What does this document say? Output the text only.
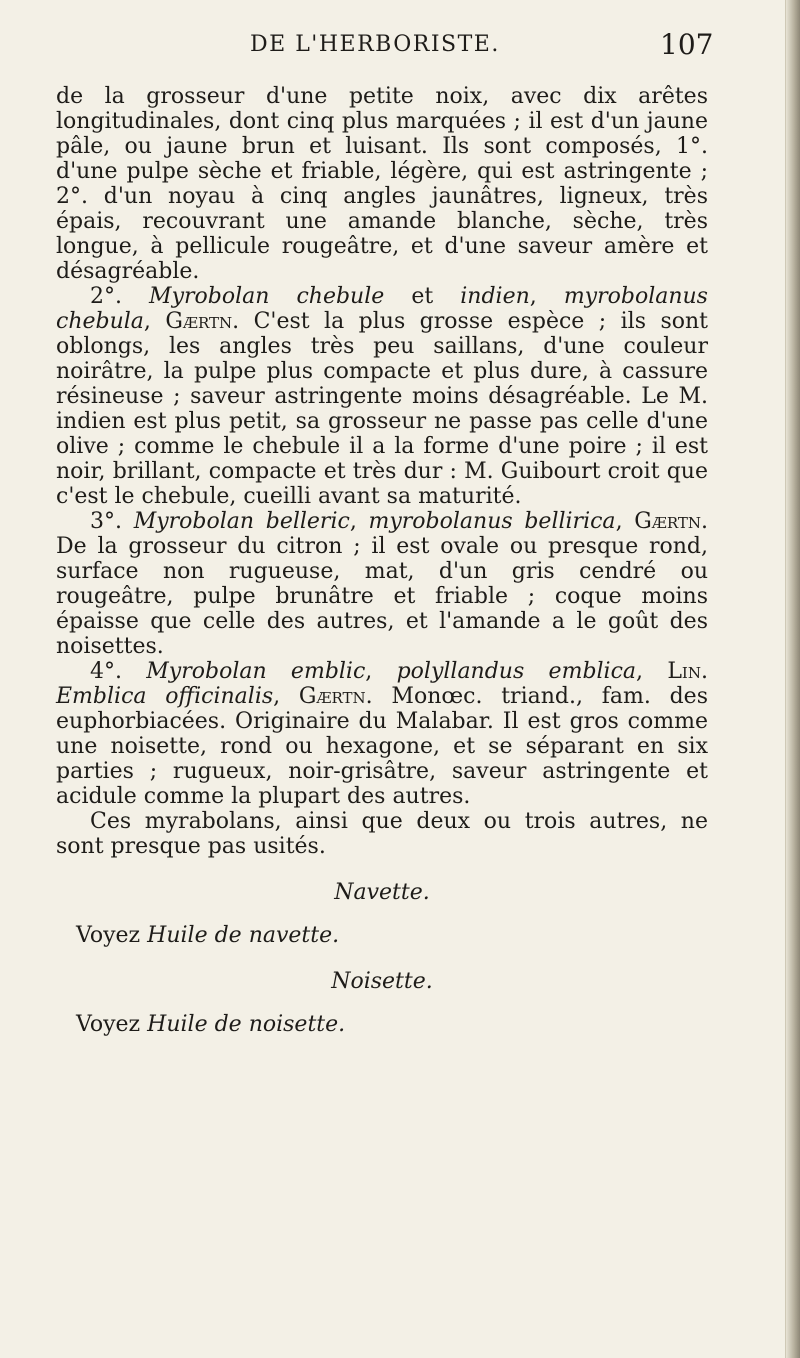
DE L'HERBORISTE.	107

de la grosseur d'une petite noix, avec dix arêtes longitudinales, dont cinq plus marquées ; il est d'un jaune pâle, ou jaune brun et luisant. Ils sont composés, 1°. d'une pulpe sèche et friable, légère, qui est astringente ; 2°. d'un noyau à cinq angles jaunâtres, ligneux, très épais, recouvrant une amande blanche, sèche, très longue, à pellicule rougeâtre, et d'une saveur amère et désagréable.

2°. Myrobolan chebule et indien, myrobolanus chebula, Gærtn. C'est la plus grosse espèce ; ils sont oblongs, les angles très peu saillans, d'une couleur noirâtre, la pulpe plus compacte et plus dure, à cassure résineuse ; saveur astringente moins désagréable. Le M. indien est plus petit, sa grosseur ne passe pas celle d'une olive ; comme le chebule il a la forme d'une poire ; il est noir, brillant, compacte et très dur : M. Guibourt croit que c'est le chebule, cueilli avant sa maturité.

3°. Myrobolan belleric, myrobolanus bellirica, Gærtn. De la grosseur du citron ; il est ovale ou presque rond, surface non rugueuse, mat, d'un gris cendré ou rougeâtre, pulpe brunâtre et friable ; coque moins épaisse que celle des autres, et l'amande a le goût des noisettes.

4°. Myrobolan emblic, polyllandus emblica, Lin. Emblica officinalis, Gærtn. Monœc. triand., fam. des euphorbiacées. Originaire du Malabar. Il est gros comme une noisette, rond ou hexagone, et se séparant en six parties ; rugueux, noir-grisâtre, saveur astringente et acidule comme la plupart des autres.

Ces myrabolans, ainsi que deux ou trois autres, ne sont presque pas usités.

Navette.

Voyez Huile de navette.

Noisette.

Voyez Huile de noisette.
